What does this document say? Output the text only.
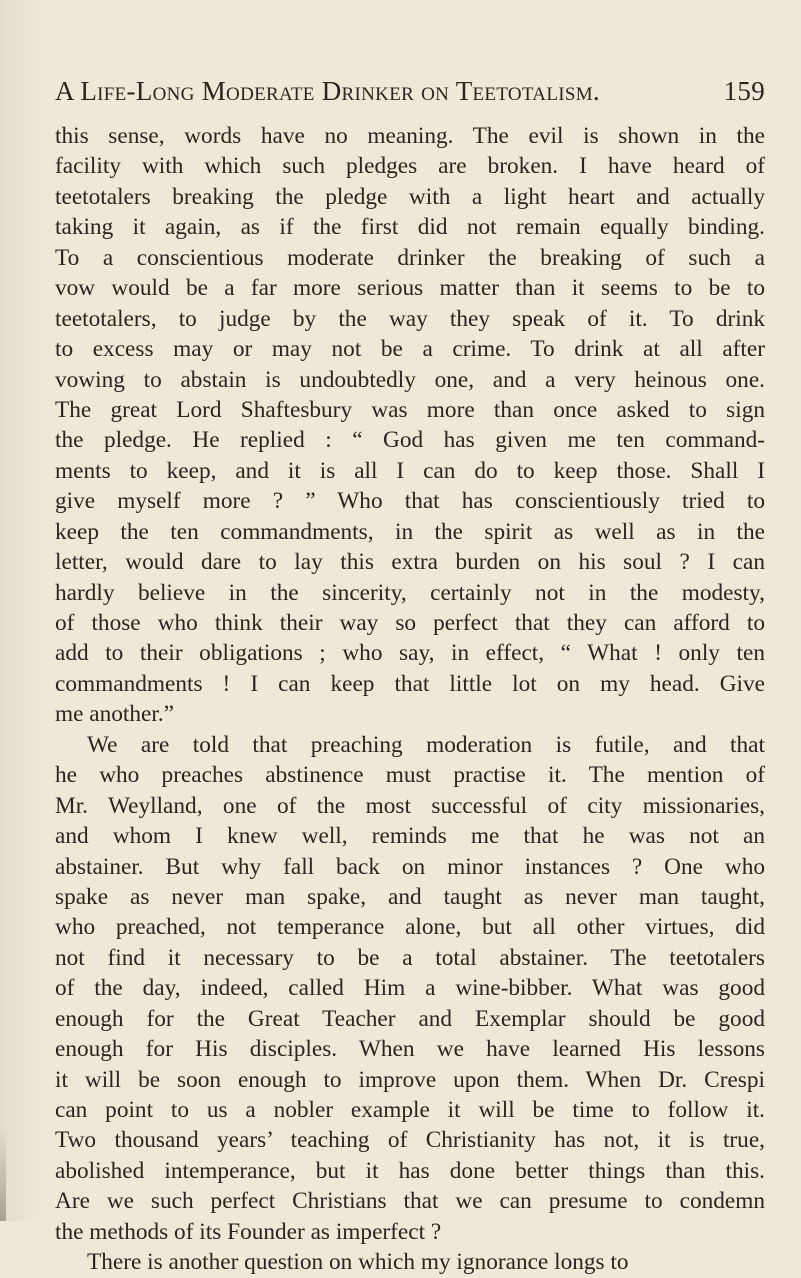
A Life-Long Moderate Drinker on Teetotalism.	159
this sense, words have no meaning. The evil is shown in the
facility with which such pledges are broken. I have heard of
teetotalers breaking the pledge with a light heart and actually
taking it again, as if the first did not remain equally binding.
To a conscientious moderate drinker the breaking of such a
vow would be a far more serious matter than it seems to be to
teetotalers, to judge by the way they speak of it. To drink
to excess may or may not be a crime. To drink at all after
vowing to abstain is undoubtedly one, and a very heinous one.
The great Lord Shaftesbury was more than once asked to sign
the pledge. He replied : “ God has given me ten command-
ments to keep, and it is all I can do to keep those. Shall I
give myself more ? ” Who that has conscientiously tried to
keep the ten commandments, in the spirit as well as in the
letter, would dare to lay this extra burden on his soul ? I can
hardly believe in the sincerity, certainly not in the modesty,
of those who think their way so perfect that they can afford to
add to their obligations ; who say, in effect, “ What ! only ten
commandments ! I can keep that little lot on my head. Give
me another.”
We are told that preaching moderation is futile, and that
he who preaches abstinence must practise it. The mention of
Mr. Weylland, one of the most successful of city missionaries,
and whom I knew well, reminds me that he was not an
abstainer. But why fall back on minor instances ? One who
spake as never man spake, and taught as never man taught,
who preached, not temperance alone, but all other virtues, did
not find it necessary to be a total abstainer. The teetotalers
of the day, indeed, called Him a wine-bibber. What was good
enough for the Great Teacher and Exemplar should be good
enough for His disciples. When we have learned His lessons
it will be soon enough to improve upon them. When Dr. Crespi
can point to us a nobler example it will be time to follow it.
Two thousand years’ teaching of Christianity has not, it is true,
abolished intemperance, but it has done better things than this.
Are we such perfect Christians that we can presume to condemn
the methods of its Founder as imperfect ?
There is another question on which my ignorance longs to
